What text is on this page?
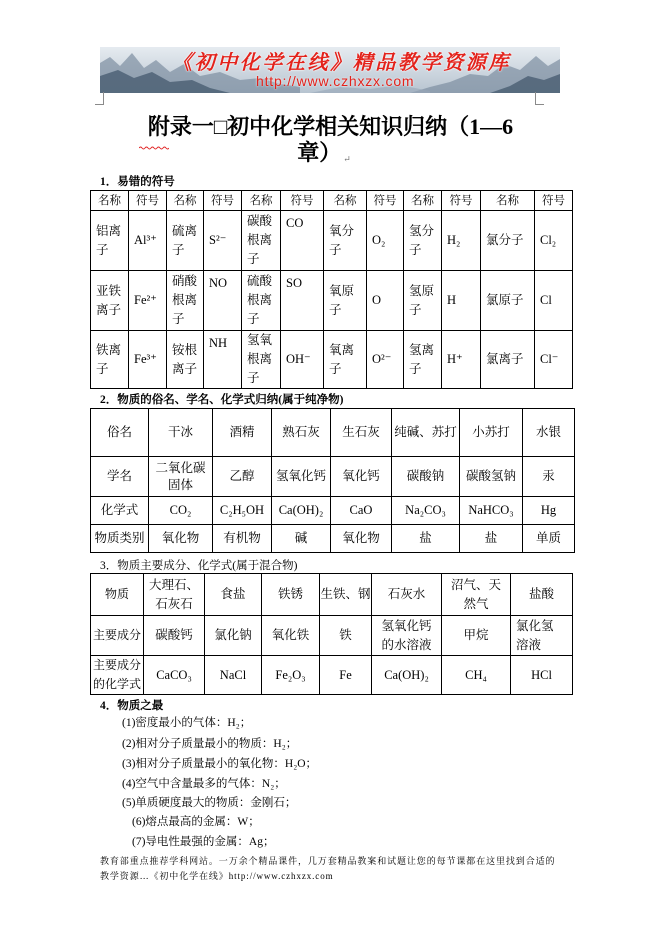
《初中化学在线》精品教学资源库
http://www.czhxzx.com
附录一□初中化学相关知识归纳（1—6
章） ↵
1．易错的符号
名称	符号	名称	符号	名称	符号	名称	符号	名称	符号	名称	符号
铝离子	Al³⁺	硫离子	S²⁻	碳酸根离子	CO	氧分子	O₂	氢分子	H₂	氯分子	Cl₂
亚铁离子	Fe²⁺	硝酸根离子	NO	硫酸根离子	SO	氧原子	O	氢原子	H	氯原子	Cl
铁离子	Fe³⁺	铵根离子	NH	氢氧根离子	OH⁻	氧离子	O²⁻	氢离子	H⁺	氯离子	Cl⁻
2．物质的俗名、学名、化学式归纳(属于纯净物)
俗名	干冰	酒精	熟石灰	生石灰	纯碱、苏打	小苏打	水银
学名	二氧化碳固体	乙醇	氢氧化钙	氧化钙	碳酸钠	碳酸氢钠	汞
化学式	CO₂	C₂H₅OH	Ca(OH)₂	CaO	Na₂CO₃	NaHCO₃	Hg
物质类别	氧化物	有机物	碱	氧化物	盐	盐	单质
3．物质主要成分、化学式(属于混合物)
物质	大理石、石灰石	食盐	铁锈	生铁、钢	石灰水	沼气、天然气	盐酸
主要成分	碳酸钙	氯化钠	氧化铁	铁	氢氧化钙的水溶液	甲烷	氯化氢溶液
主要成分的化学式	CaCO₃	NaCl	Fe₂O₃	Fe	Ca(OH)₂	CH₄	HCl
4．物质之最
(1)密度最小的气体：H₂；
(2)相对分子质量最小的物质：H₂；
(3)相对分子质量最小的氧化物：H₂O；
(4)空气中含量最多的气体：N₂；
(5)单质硬度最大的物质：金刚石；
(6)熔点最高的金属：W；
(7)导电性最强的金属：Ag；
教育部重点推荐学科网站。一万余个精品课件，几万套精品教案和试题让您的每节课都在这里找到合适的
教学资源…《初中化学在线》http://www.czhxzx.com
